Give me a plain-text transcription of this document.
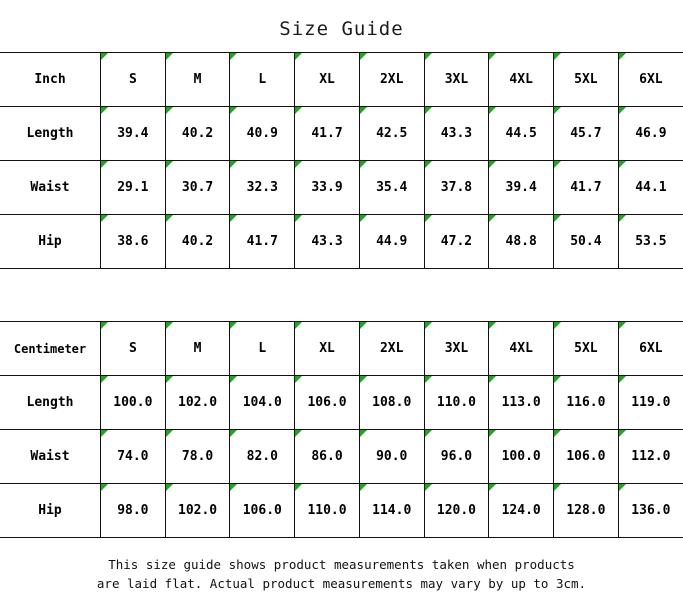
Size Guide
Inch	S	M	L	XL	2XL	3XL	4XL	5XL	6XL
Length	39.4	40.2	40.9	41.7	42.5	43.3	44.5	45.7	46.9
Waist	29.1	30.7	32.3	33.9	35.4	37.8	39.4	41.7	44.1
Hip	38.6	40.2	41.7	43.3	44.9	47.2	48.8	50.4	53.5
Centimeter	S	M	L	XL	2XL	3XL	4XL	5XL	6XL
Length	100.0	102.0	104.0	106.0	108.0	110.0	113.0	116.0	119.0
Waist	74.0	78.0	82.0	86.0	90.0	96.0	100.0	106.0	112.0
Hip	98.0	102.0	106.0	110.0	114.0	120.0	124.0	128.0	136.0
This size guide shows product measurements taken when products
are laid flat. Actual product measurements may vary by up to 3cm.
